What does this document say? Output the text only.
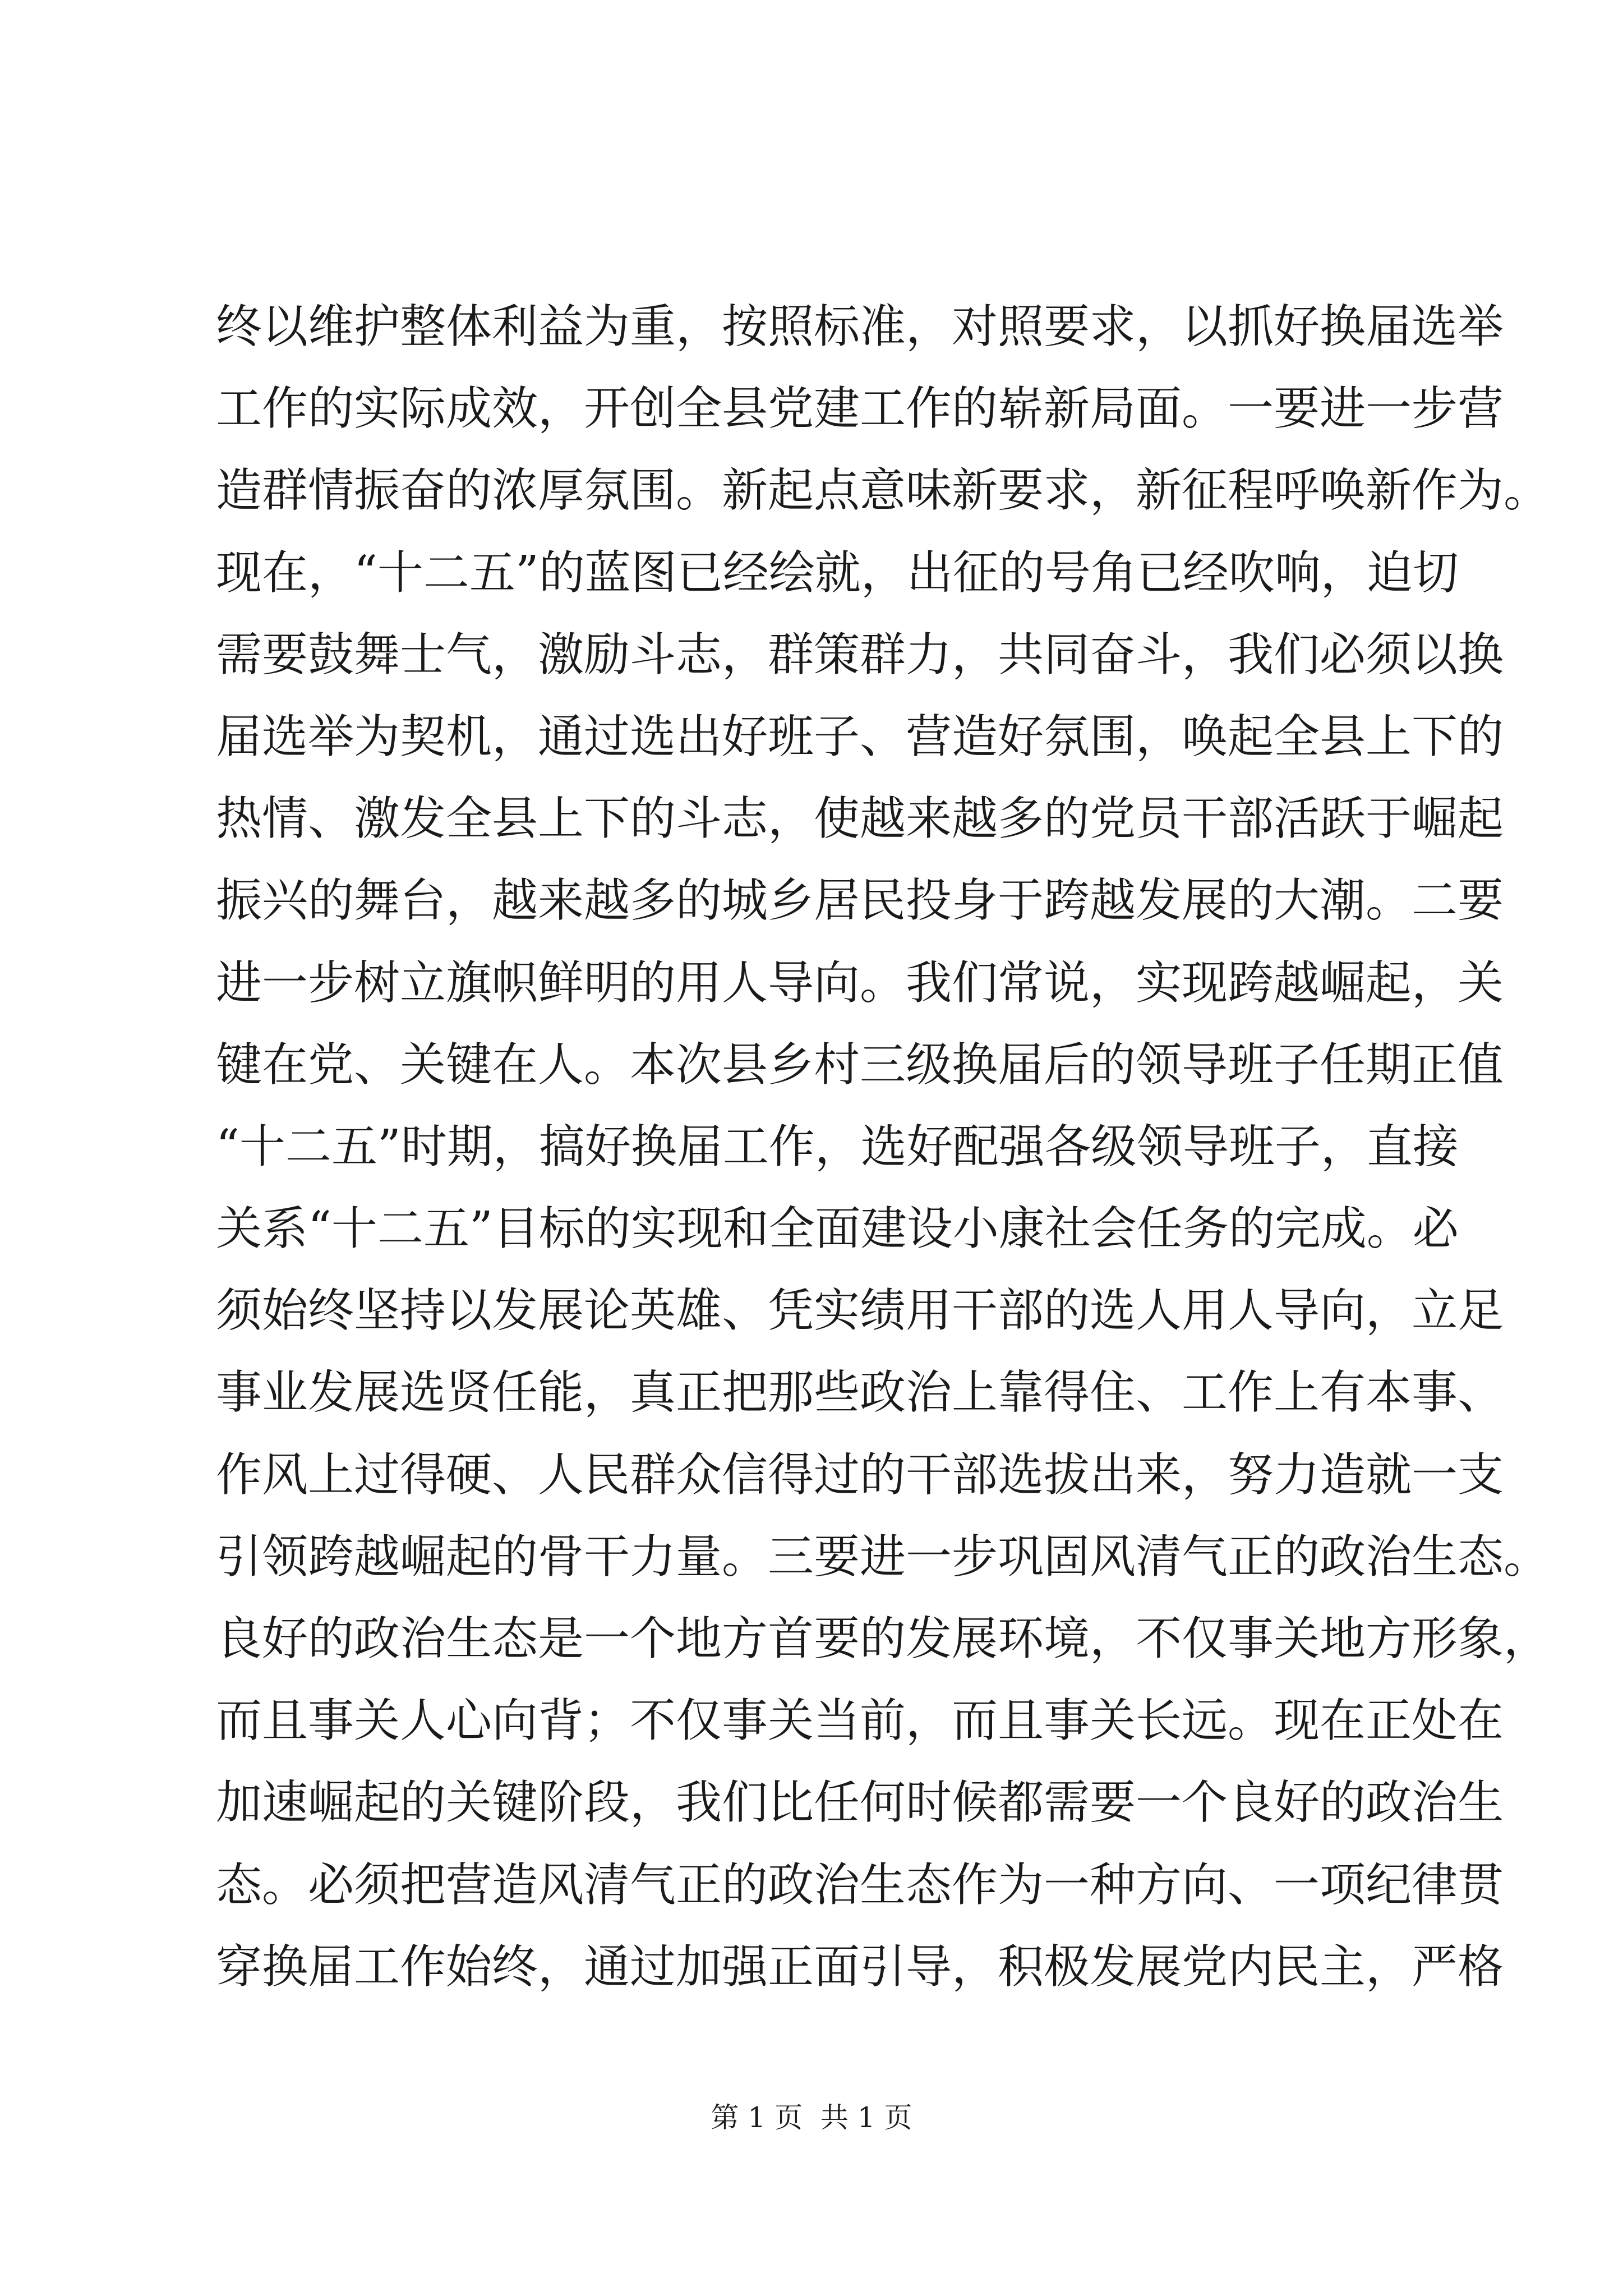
终以维护整体利益为重，按照标准，对照要求，以抓好换届选举
工作的实际成效，开创全县党建工作的崭新局面。一要进一步营
造群情振奋的浓厚氛围。新起点意味新要求，新征程呼唤新作为。
现在，“十二五”的蓝图已经绘就，出征的号角已经吹响，迫切
需要鼓舞士气，激励斗志，群策群力，共同奋斗，我们必须以换
届选举为契机，通过选出好班子、营造好氛围，唤起全县上下的
热情、激发全县上下的斗志，使越来越多的党员干部活跃于崛起
振兴的舞台，越来越多的城乡居民投身于跨越发展的大潮。二要
进一步树立旗帜鲜明的用人导向。我们常说，实现跨越崛起，关
键在党、关键在人。本次县乡村三级换届后的领导班子任期正值
“十二五”时期，搞好换届工作，选好配强各级领导班子，直接
关系“十二五”目标的实现和全面建设小康社会任务的完成。必
须始终坚持以发展论英雄、凭实绩用干部的选人用人导向，立足
事业发展选贤任能，真正把那些政治上靠得住、工作上有本事、
作风上过得硬、人民群众信得过的干部选拔出来，努力造就一支
引领跨越崛起的骨干力量。三要进一步巩固风清气正的政治生态。
良好的政治生态是一个地方首要的发展环境，不仅事关地方形象，
而且事关人心向背；不仅事关当前，而且事关长远。现在正处在
加速崛起的关键阶段，我们比任何时候都需要一个良好的政治生
态。必须把营造风清气正的政治生态作为一种方向、一项纪律贯
穿换届工作始终，通过加强正面引导，积极发展党内民主，严格
第 1 页  共 1 页
